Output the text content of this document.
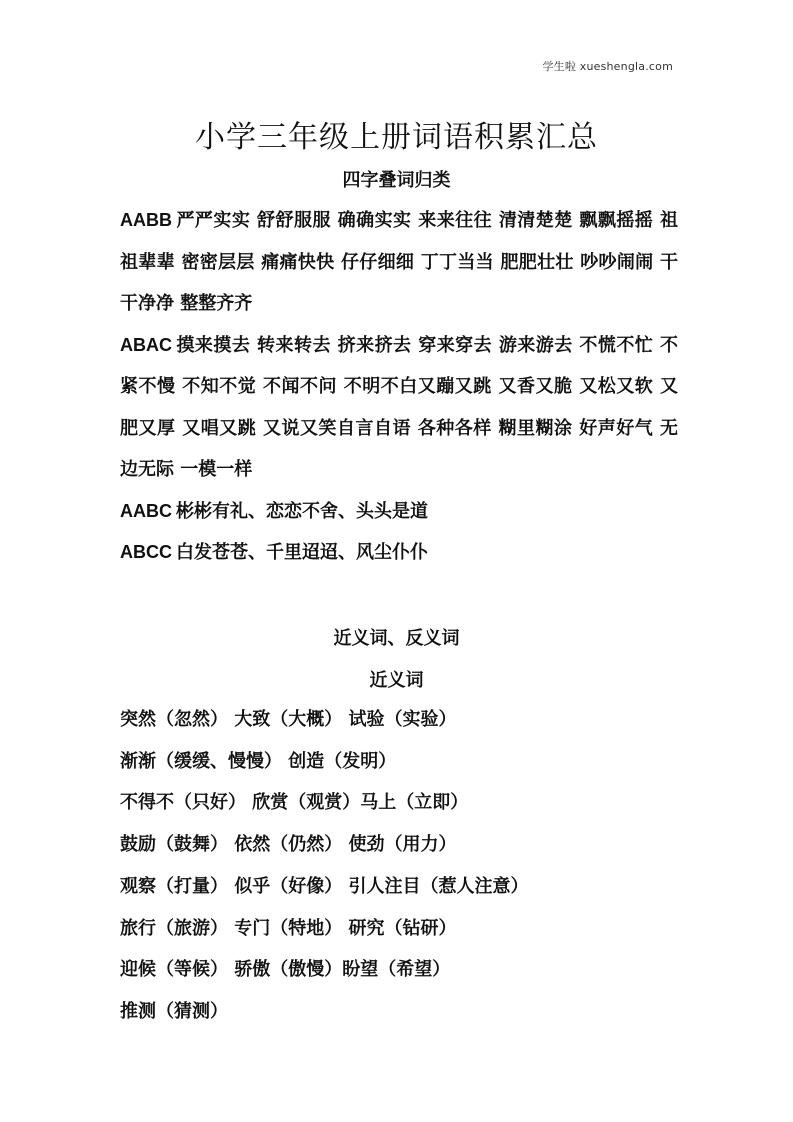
学生啦 xueshengla.com
小学三年级上册词语积累汇总
四字叠词归类

AABB 严严实实 舒舒服服 确确实实 来来往往 清清楚楚 飘飘摇摇 祖祖辈辈 密密层层 痛痛快快 仔仔细细 丁丁当当 肥肥壮壮 吵吵闹闹 干干净净 整整齐齐

ABAC 摸来摸去 转来转去 挤来挤去 穿来穿去 游来游去 不慌不忙 不紧不慢 不知不觉 不闻不问 不明不白又蹦又跳 又香又脆 又松又软 又肥又厚 又唱又跳 又说又笑自言自语 各种各样 糊里糊涂 好声好气 无边无际 一模一样

AABC 彬彬有礼、恋恋不舍、头头是道

ABCC 白发苍苍、千里迢迢、风尘仆仆

近义词、反义词
近义词

突然（忽然） 大致（大概） 试验（实验）

渐渐（缓缓、慢慢） 创造（发明）

不得不（只好） 欣赏（观赏）马上（立即）

鼓励（鼓舞） 依然（仍然） 使劲（用力）

观察（打量） 似乎（好像） 引人注目（惹人注意）

旅行（旅游） 专门（特地） 研究（钻研）

迎候（等候） 骄傲（傲慢）盼望（希望）

推测（猜测）
